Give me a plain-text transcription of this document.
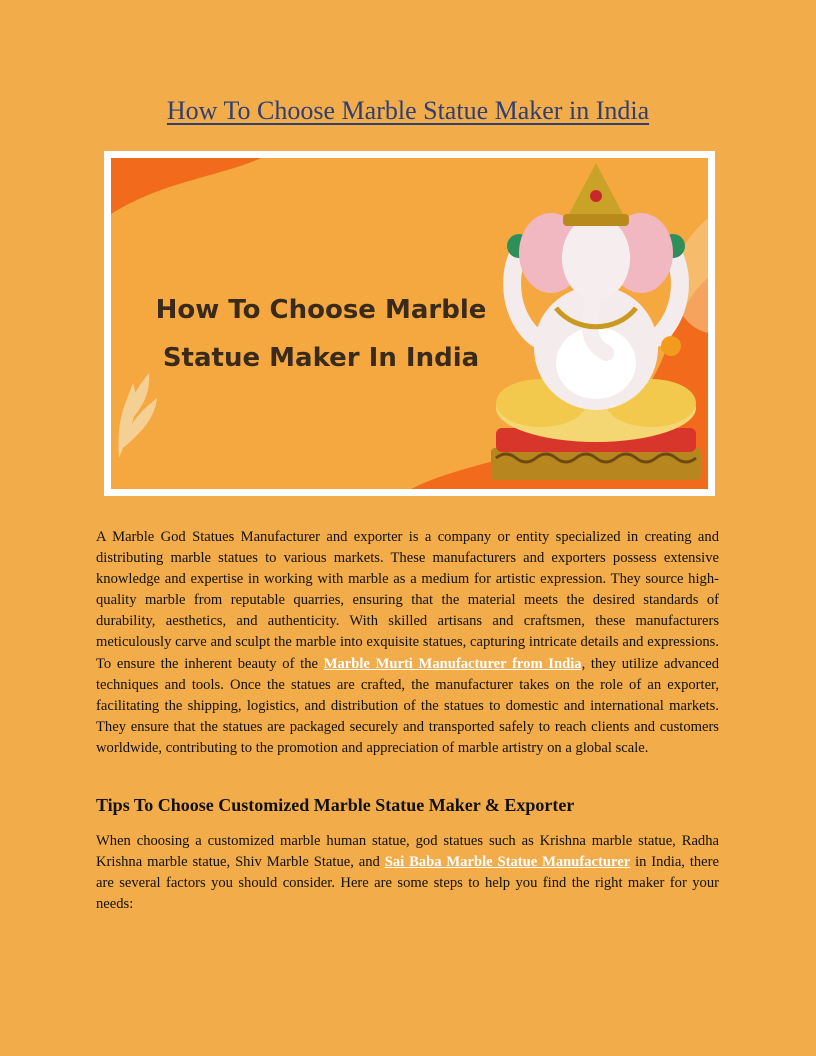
How To Choose Marble Statue Maker in India
How To Choose Marble
Statue Maker In India
A Marble God Statues Manufacturer and exporter is a company or entity specialized in creating and distributing marble statues to various markets. These manufacturers and exporters possess extensive knowledge and expertise in working with marble as a medium for artistic expression. They source high-quality marble from reputable quarries, ensuring that the material meets the desired standards of durability, aesthetics, and authenticity. With skilled artisans and craftsmen, these manufacturers meticulously carve and sculpt the marble into exquisite statues, capturing intricate details and expressions. To ensure the inherent beauty of the Marble Murti Manufacturer from India, they utilize advanced techniques and tools. Once the statues are crafted, the manufacturer takes on the role of an exporter, facilitating the shipping, logistics, and distribution of the statues to domestic and international markets. They ensure that the statues are packaged securely and transported safely to reach clients and customers worldwide, contributing to the promotion and appreciation of marble artistry on a global scale.
Tips To Choose Customized Marble Statue Maker & Exporter
When choosing a customized marble human statue, god statues such as Krishna marble statue, Radha Krishna marble statue, Shiv Marble Statue, and Sai Baba Marble Statue Manufacturer in India, there are several factors you should consider. Here are some steps to help you find the right maker for your needs:
